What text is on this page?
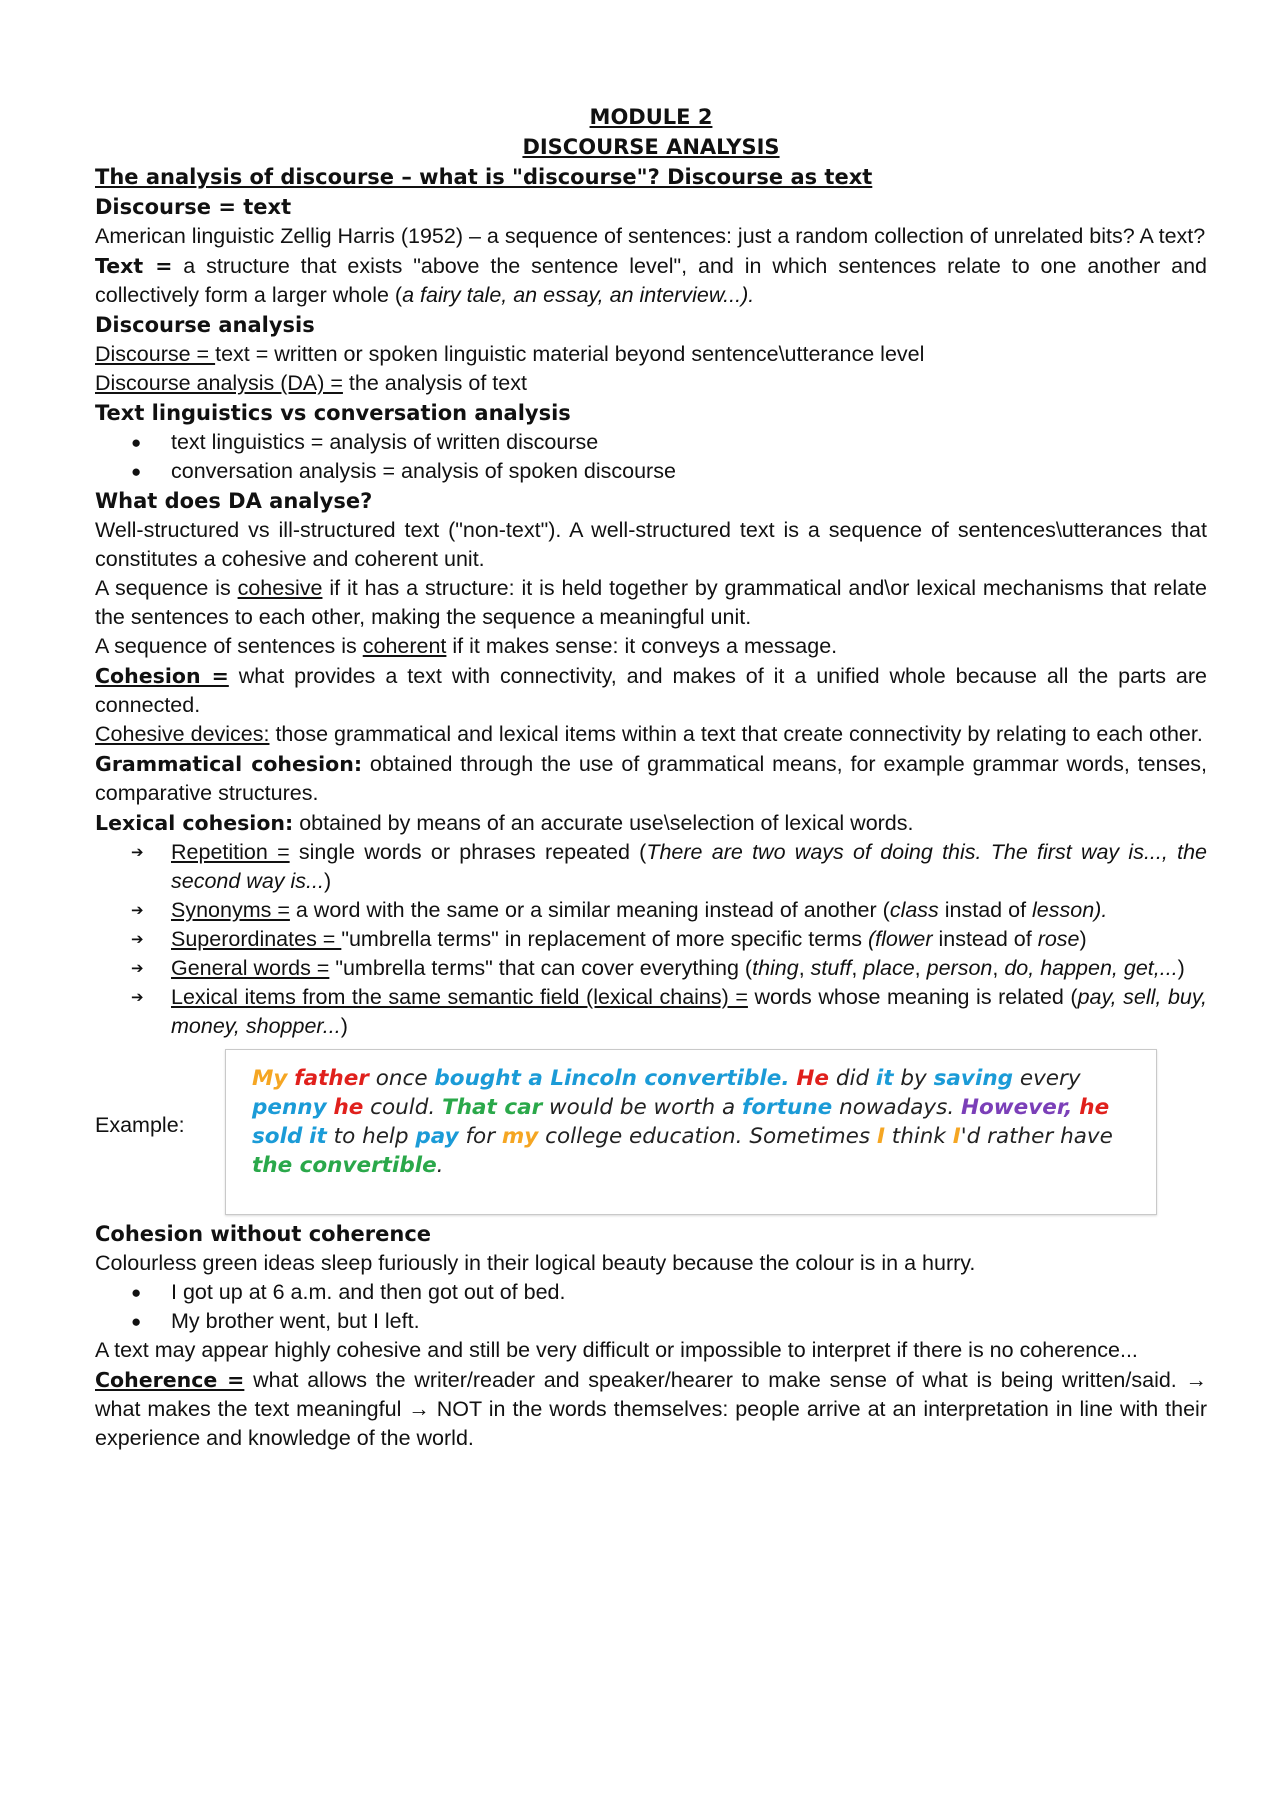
MODULE 2

DISCOURSE ANALYSIS

The analysis of discourse – what is "discourse"? Discourse as text

Discourse = text

American linguistic Zellig Harris (1952) – a sequence of sentences: just a random collection of unrelated bits? A text?

Text = a structure that exists "above the sentence level", and in which sentences relate to one another and collectively form a larger whole (a fairy tale, an essay, an interview...).

Discourse analysis

Discourse = text = written or spoken linguistic material beyond sentence\utterance level

Discourse analysis (DA) = the analysis of text

Text linguistics vs conversation analysis

● text linguistics = analysis of written discourse
● conversation analysis = analysis of spoken discourse

What does DA analyse?

Well-structured vs ill-structured text ("non-text"). A well-structured text is a sequence of sentences\utterances that constitutes a cohesive and coherent unit.

A sequence is cohesive if it has a structure: it is held together by grammatical and\or lexical mechanisms that relate the sentences to each other, making the sequence a meaningful unit.

A sequence of sentences is coherent if it makes sense: it conveys a message.

Cohesion = what provides a text with connectivity, and makes of it a unified whole because all the parts are connected.

Cohesive devices: those grammatical and lexical items within a text that create connectivity by relating to each other.

Grammatical cohesion: obtained through the use of grammatical means, for example grammar words, tenses, comparative structures.

Lexical cohesion: obtained by means of an accurate use\selection of lexical words.

➔ Repetition = single words or phrases repeated (There are two ways of doing this. The first way is..., the second way is...)
➔ Synonyms = a word with the same or a similar meaning instead of another (class instad of lesson).
➔ Superordinates = "umbrella terms" in replacement of more specific terms (flower instead of rose)
➔ General words = "umbrella terms" that can cover everything (thing, stuff, place, person, do, happen, get,...)
➔ Lexical items from the same semantic field (lexical chains) = words whose meaning is related (pay, sell, buy, money, shopper...)
Example:
My father once bought a Lincoln convertible. He did it by saving every penny he could. That car would be worth a fortune nowadays. However, he sold it to help pay for my college education. Sometimes I think I'd rather have the convertible.

Cohesion without coherence

Colourless green ideas sleep furiously in their logical beauty because the colour is in a hurry.

● I got up at 6 a.m. and then got out of bed.
● My brother went, but I left.

A text may appear highly cohesive and still be very difficult or impossible to interpret if there is no coherence...

Coherence = what allows the writer/reader and speaker/hearer to make sense of what is being written/said. → what makes the text meaningful → NOT in the words themselves: people arrive at an interpretation in line with their experience and knowledge of the world.
